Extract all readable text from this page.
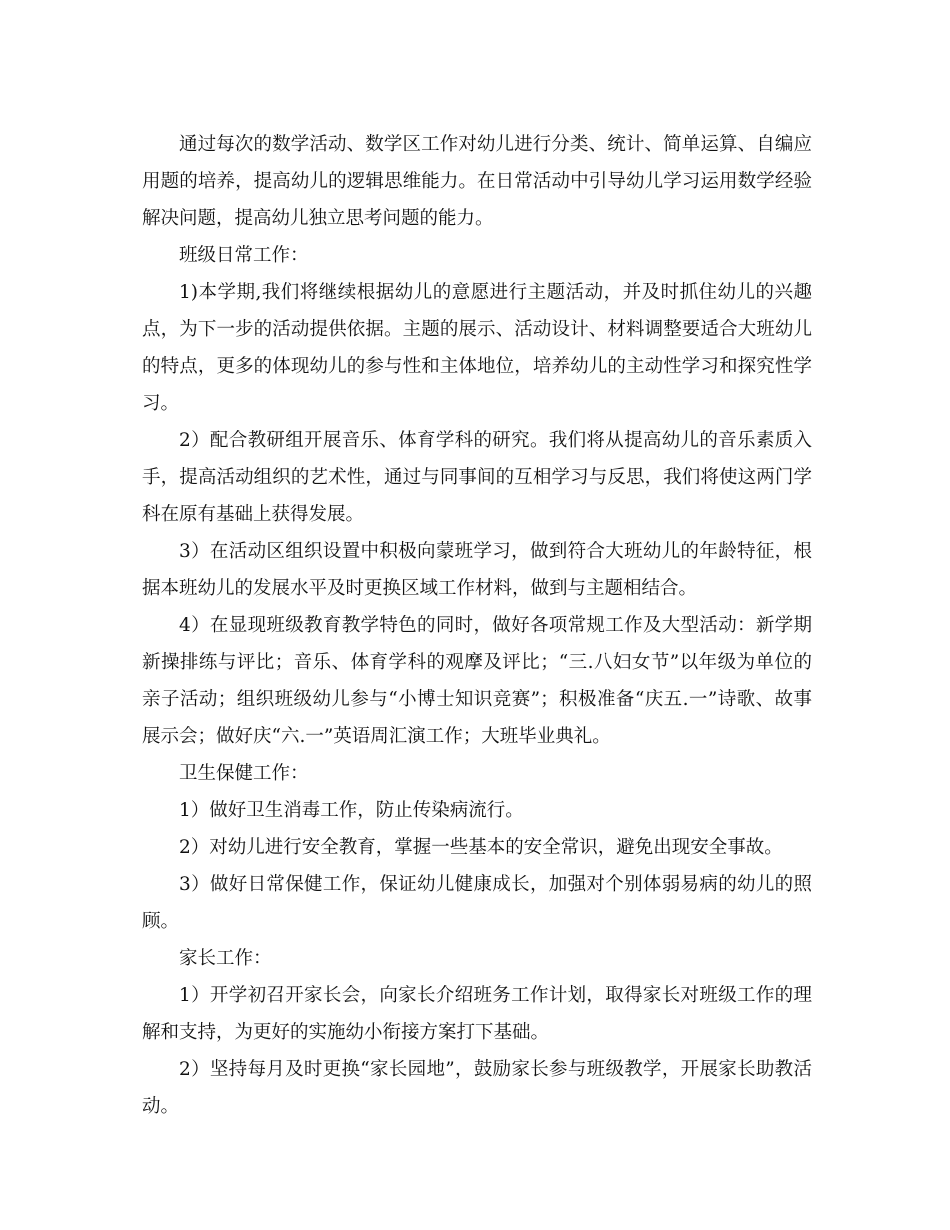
通过每次的数学活动、数学区工作对幼儿进行分类、统计、简单运算、自编应用题的培养，提高幼儿的逻辑思维能力。在日常活动中引导幼儿学习运用数学经验解决问题，提高幼儿独立思考问题的能力。

班级日常工作：

1)本学期,我们将继续根据幼儿的意愿进行主题活动，并及时抓住幼儿的兴趣点，为下一步的活动提供依据。主题的展示、活动设计、材料调整要适合大班幼儿的特点，更多的体现幼儿的参与性和主体地位，培养幼儿的主动性学习和探究性学习。

2）配合教研组开展音乐、体育学科的研究。我们将从提高幼儿的音乐素质入手，提高活动组织的艺术性，通过与同事间的互相学习与反思，我们将使这两门学科在原有基础上获得发展。

3）在活动区组织设置中积极向蒙班学习，做到符合大班幼儿的年龄特征，根据本班幼儿的发展水平及时更换区域工作材料，做到与主题相结合。

4）在显现班级教育教学特色的同时，做好各项常规工作及大型活动：新学期新操排练与评比；音乐、体育学科的观摩及评比；“三.八妇女节”以年级为单位的亲子活动；组织班级幼儿参与“小博士知识竞赛”；积极准备“庆五.一”诗歌、故事展示会；做好庆“六.一”英语周汇演工作；大班毕业典礼。

卫生保健工作：

1）做好卫生消毒工作，防止传染病流行。

2）对幼儿进行安全教育，掌握一些基本的安全常识，避免出现安全事故。

3）做好日常保健工作，保证幼儿健康成长，加强对个别体弱易病的幼儿的照顾。

家长工作：

1）开学初召开家长会，向家长介绍班务工作计划，取得家长对班级工作的理解和支持，为更好的实施幼小衔接方案打下基础。

2）坚持每月及时更换“家长园地”，鼓励家长参与班级教学，开展家长助教活动。
